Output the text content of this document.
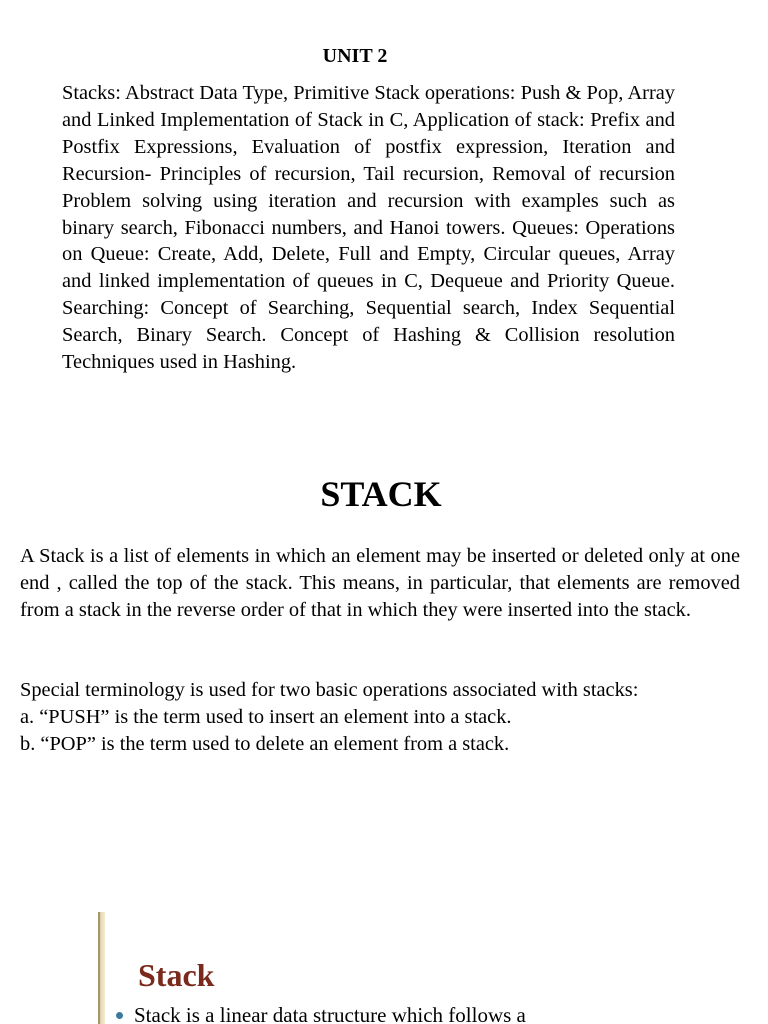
UNIT 2

Stacks: Abstract Data Type, Primitive Stack operations: Push & Pop, Array and Linked Implementation of Stack in C, Application of stack: Prefix and Postfix Expressions, Evaluation of postfix expression, Iteration and Recursion- Principles of recursion, Tail recursion, Removal of recursion Problem solving using iteration and recursion with examples such as binary search, Fibonacci numbers, and Hanoi towers. Queues: Operations on Queue: Create, Add, Delete, Full and Empty, Circular queues, Array and linked implementation of queues in C, Dequeue and Priority Queue. Searching: Concept of Searching, Sequential search, Index Sequential Search, Binary Search. Concept of Hashing & Collision resolution Techniques used in Hashing.

STACK

A Stack is a list of elements in which an element may be inserted or deleted only at one end , called the top of the stack. This means, in particular, that elements are removed from a stack in the reverse order of that in which they were inserted into the stack.

Special terminology is used for two basic operations associated with stacks:
a. “PUSH” is the term used to insert an element into a stack.
b. “POP” is the term used to delete an element from a stack.
Stack
Stack is a linear data structure which follows a
